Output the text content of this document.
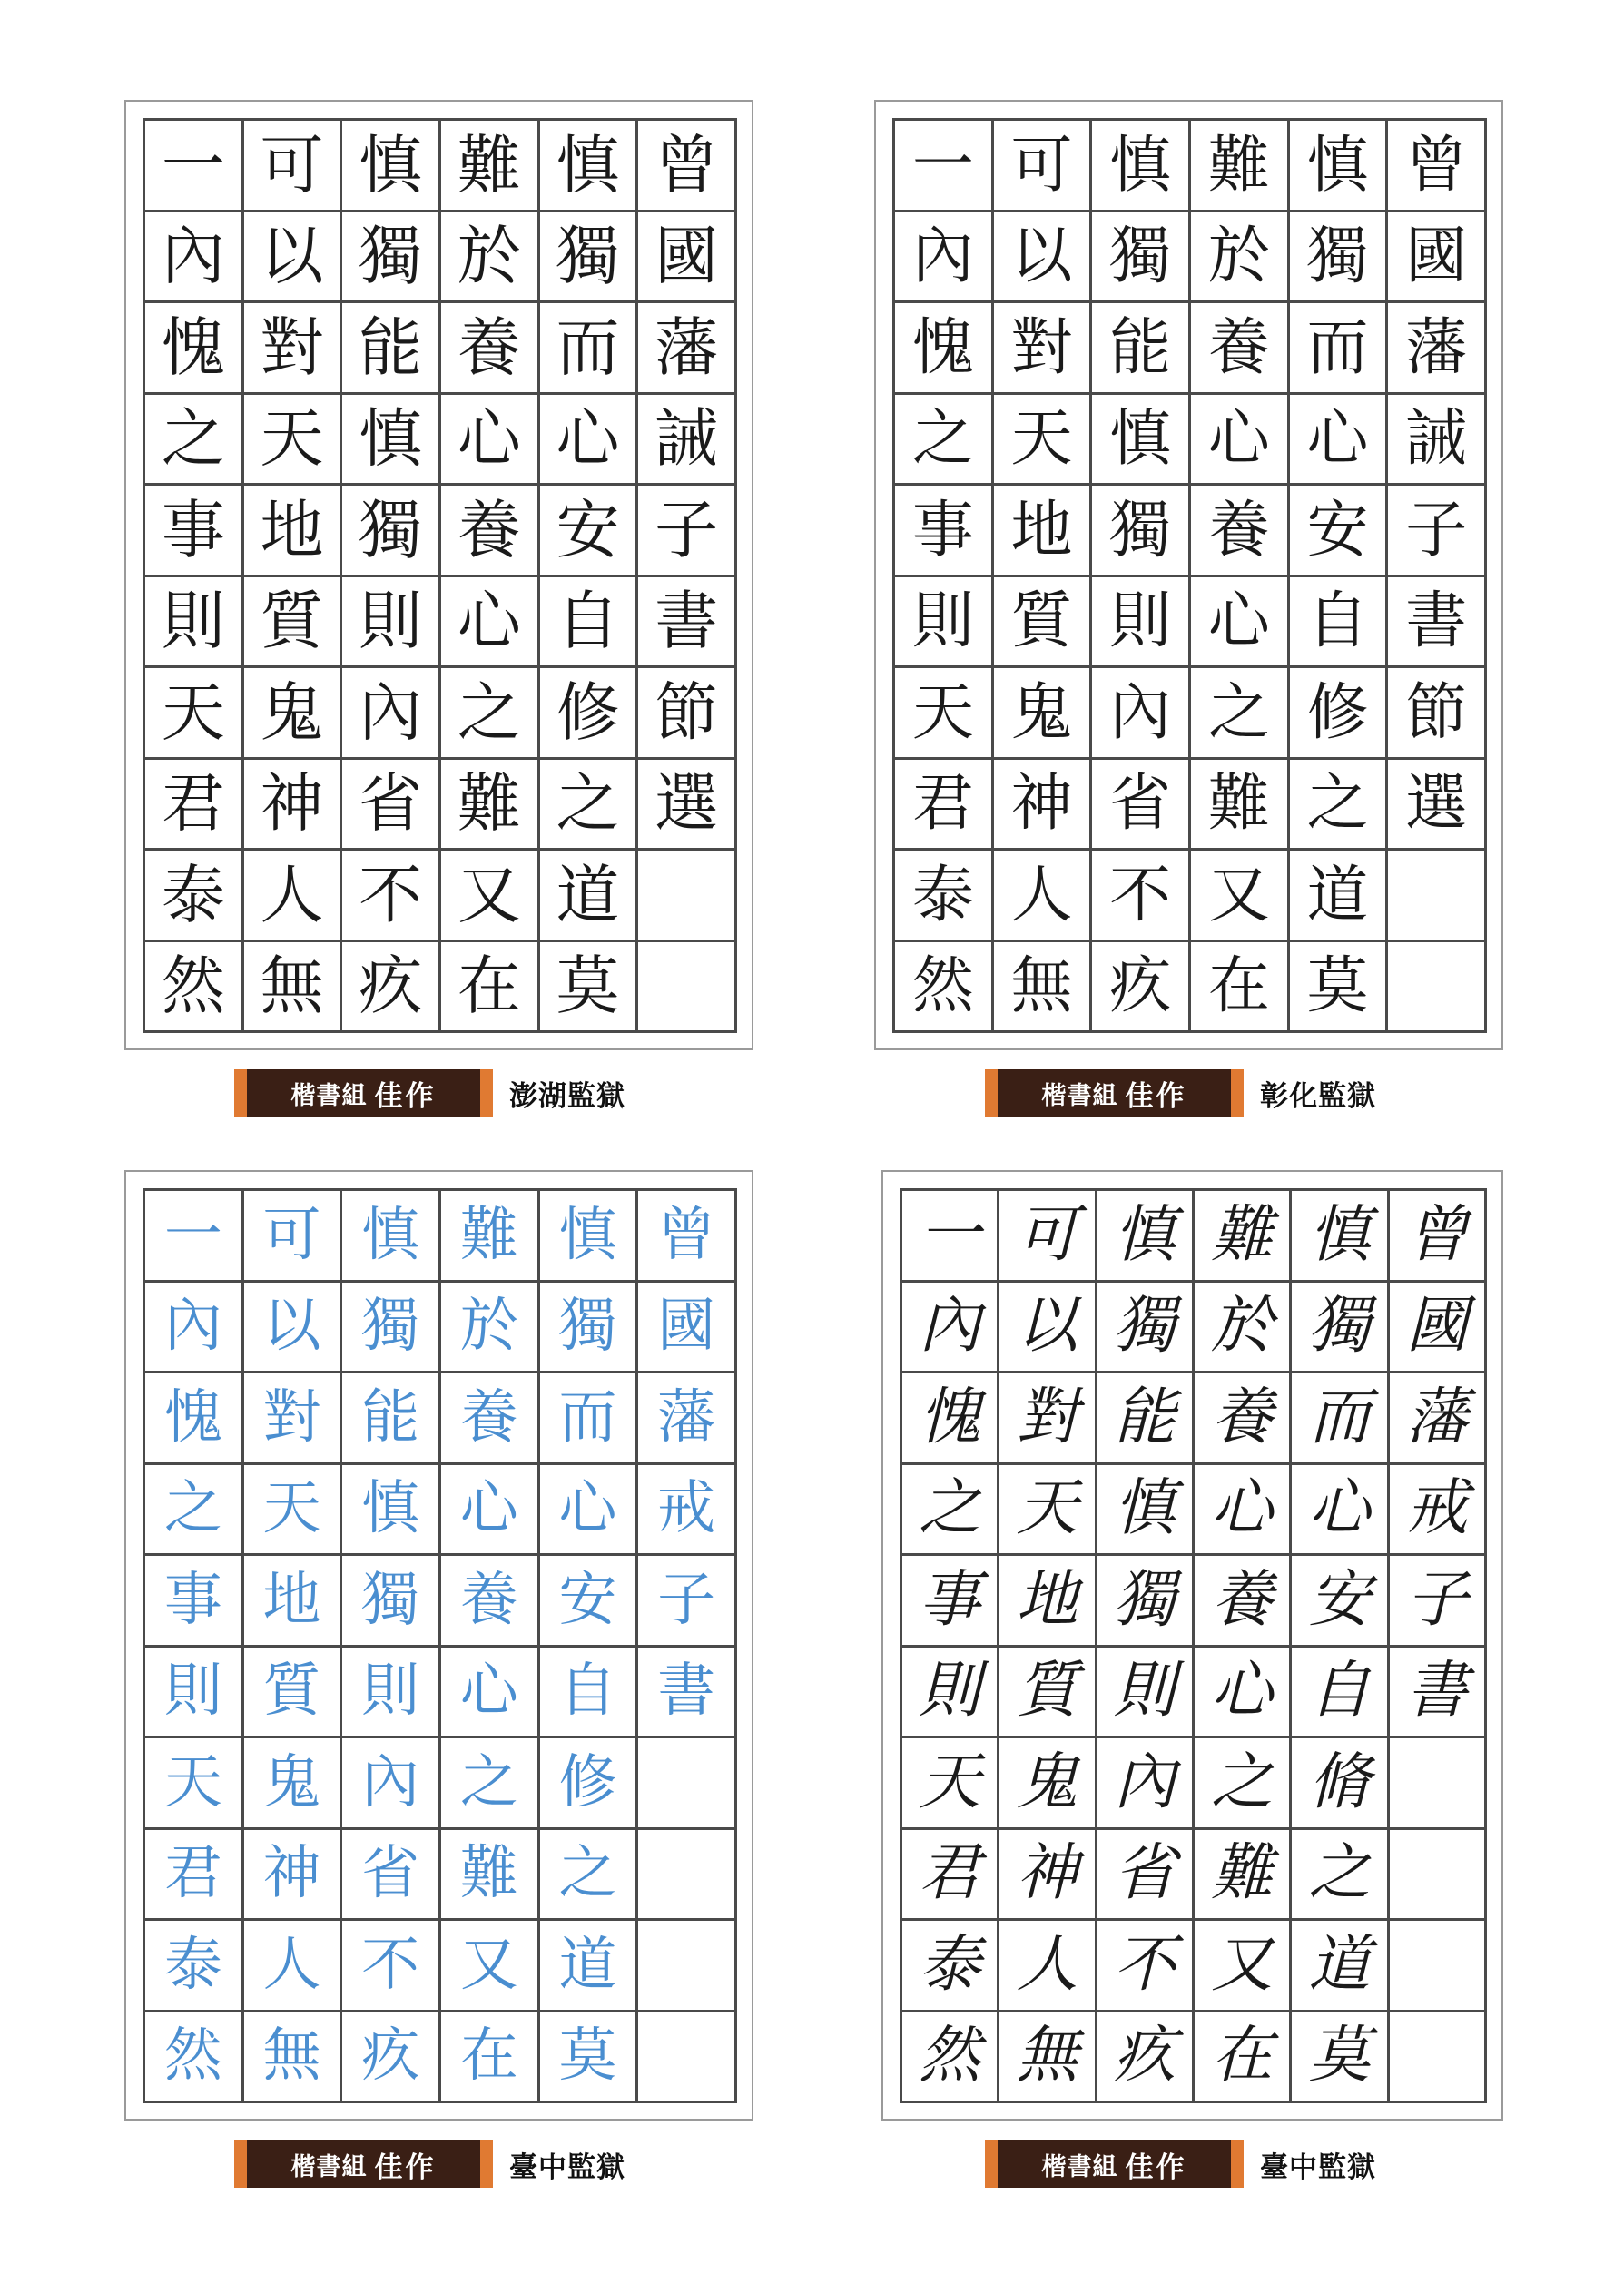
一 可 慎 難 慎 曾
內 以 獨 於 獨 國
愧 對 能 養 而 藩
之 天 慎 心 心 誡
事 地 獨 養 安 子
則 質 則 心 自 書
天 鬼 內 之 修 節
君 神 省 難 之 選
泰 人 不 又 道
然 無 疚 在 莫
楷書組 佳作	澎湖監獄
一 可 慎 難 慎 曾
內 以 獨 於 獨 國
愧 對 能 養 而 藩
之 天 慎 心 心 誡
事 地 獨 養 安 子
則 質 則 心 自 書
天 鬼 內 之 修 節
君 神 省 難 之 選
泰 人 不 又 道
然 無 疚 在 莫
楷書組 佳作	彰化監獄
一 可 慎 難 慎 曾
內 以 獨 於 獨 國
愧 對 能 養 而 藩
之 天 慎 心 心 戒
事 地 獨 養 安 子
則 質 則 心 自 書
天 鬼 內 之 修
君 神 省 難 之
泰 人 不 又 道
然 無 疚 在 莫
楷書組 佳作	臺中監獄
一 可 慎 難 慎 曾
內 以 獨 於 獨 國
愧 對 能 養 而 藩
之 天 慎 心 心 戒
事 地 獨 養 安 子
則 質 則 心 自 書
天 鬼 內 之 脩
君 神 省 難 之
泰 人 不 又 道
然 無 疚 在 莫
楷書組 佳作	臺中監獄
